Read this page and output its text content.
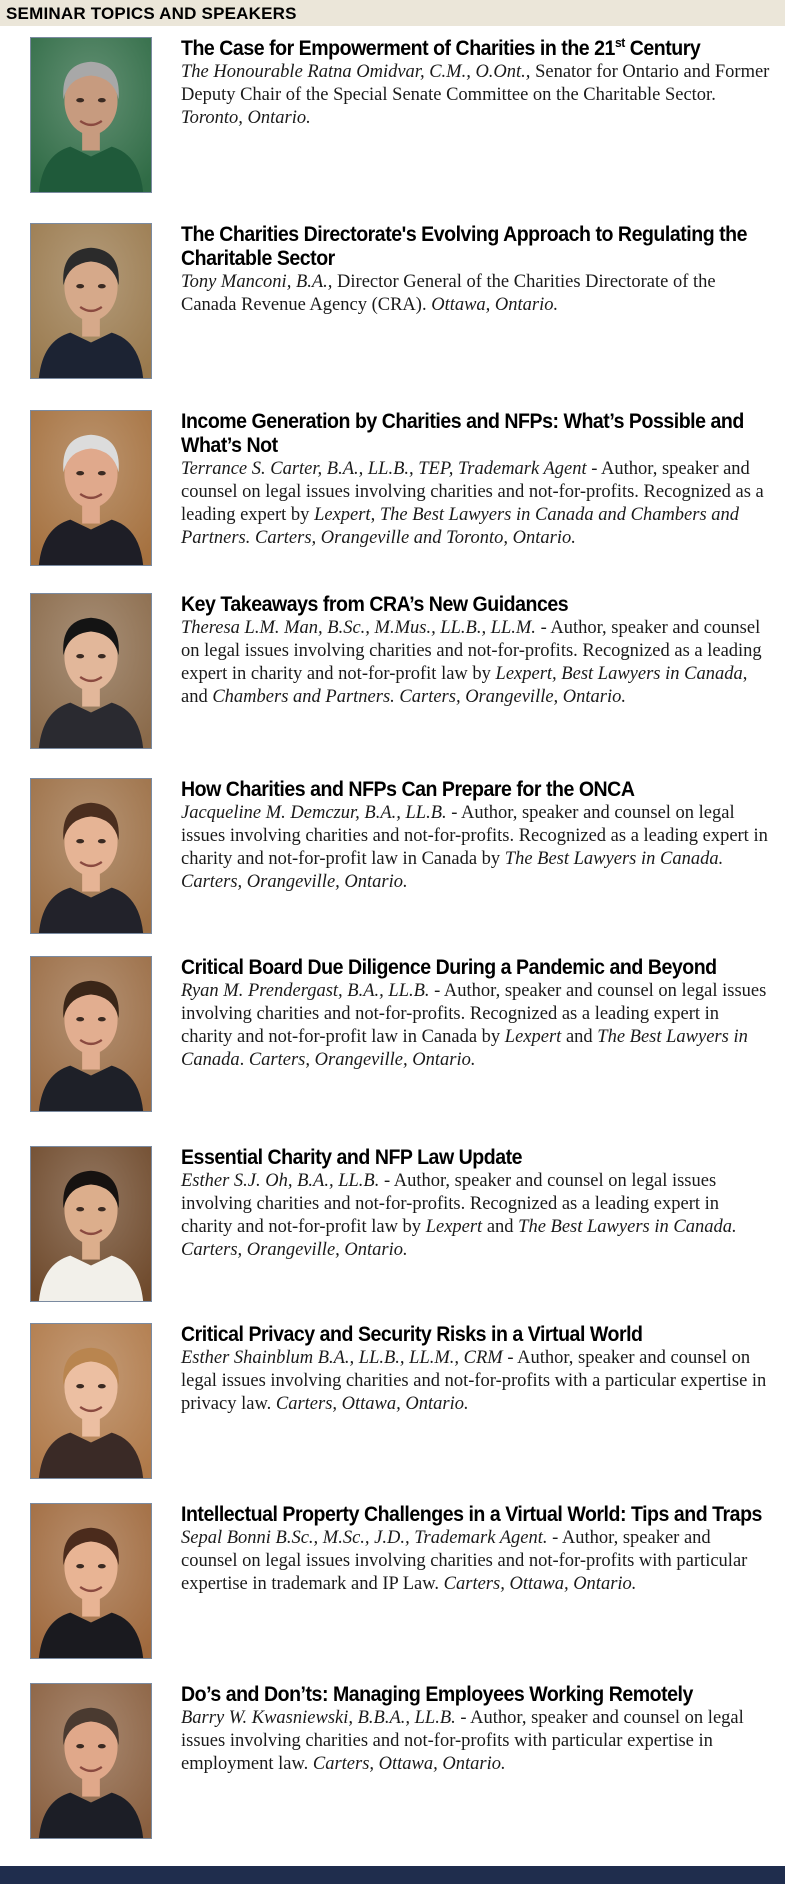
SEMINAR TOPICS AND SPEAKERS
The Case for Empowerment of Charities in the 21st Century
The Honourable Ratna Omidvar, C.M., O.Ont., Senator for Ontario and Former Deputy Chair of the Special Senate Committee on the Charitable Sector. Toronto, Ontario.
The Charities Directorate's Evolving Approach to Regulating the Charitable Sector
Tony Manconi, B.A., Director General of the Charities Directorate of the Canada Revenue Agency (CRA). Ottawa, Ontario.
Income Generation by Charities and NFPs: What’s Possible and What’s Not
Terrance S. Carter, B.A., LL.B., TEP, Trademark Agent - Author, speaker and counsel on legal issues involving charities and not-for-profits. Recognized as a leading expert by Lexpert, The Best Lawyers in Canada and Chambers and Partners. Carters, Orangeville and Toronto, Ontario.
Key Takeaways from CRA’s New Guidances
Theresa L.M. Man, B.Sc., M.Mus., LL.B., LL.M. - Author, speaker and counsel on legal issues involving charities and not-for-profits. Recognized as a leading expert in charity and not-for-profit law by Lexpert, Best Lawyers in Canada, and Chambers and Partners. Carters, Orangeville, Ontario.
How Charities and NFPs Can Prepare for the ONCA
Jacqueline M. Demczur, B.A., LL.B. - Author, speaker and counsel on legal issues involving charities and not-for-profits. Recognized as a leading expert in charity and not-for-profit law in Canada by The Best Lawyers in Canada. Carters, Orangeville, Ontario.
Critical Board Due Diligence During a Pandemic and Beyond
Ryan M. Prendergast, B.A., LL.B. - Author, speaker and counsel on legal issues involving charities and not-for-profits. Recognized as a leading expert in charity and not-for-profit law in Canada by Lexpert and The Best Lawyers in Canada. Carters, Orangeville, Ontario.
Essential Charity and NFP Law Update
Esther S.J. Oh, B.A., LL.B. - Author, speaker and counsel on legal issues involving charities and not-for-profits. Recognized as a leading expert in charity and not-for-profit law by Lexpert and The Best Lawyers in Canada. Carters, Orangeville, Ontario.
Critical Privacy and Security Risks in a Virtual World
Esther Shainblum B.A., LL.B., LL.M., CRM - Author, speaker and counsel on legal issues involving charities and not-for-profits with a particular expertise in privacy law. Carters, Ottawa, Ontario.
Intellectual Property Challenges in a Virtual World: Tips and Traps
Sepal Bonni B.Sc., M.Sc., J.D., Trademark Agent. - Author, speaker and counsel on legal issues involving charities and not-for-profits with particular expertise in trademark and IP Law. Carters, Ottawa, Ontario.
Do’s and Don’ts: Managing Employees Working Remotely
Barry W. Kwasniewski, B.B.A., LL.B. - Author, speaker and counsel on legal issues involving charities and not-for-profits with particular expertise in employment law. Carters, Ottawa, Ontario.
